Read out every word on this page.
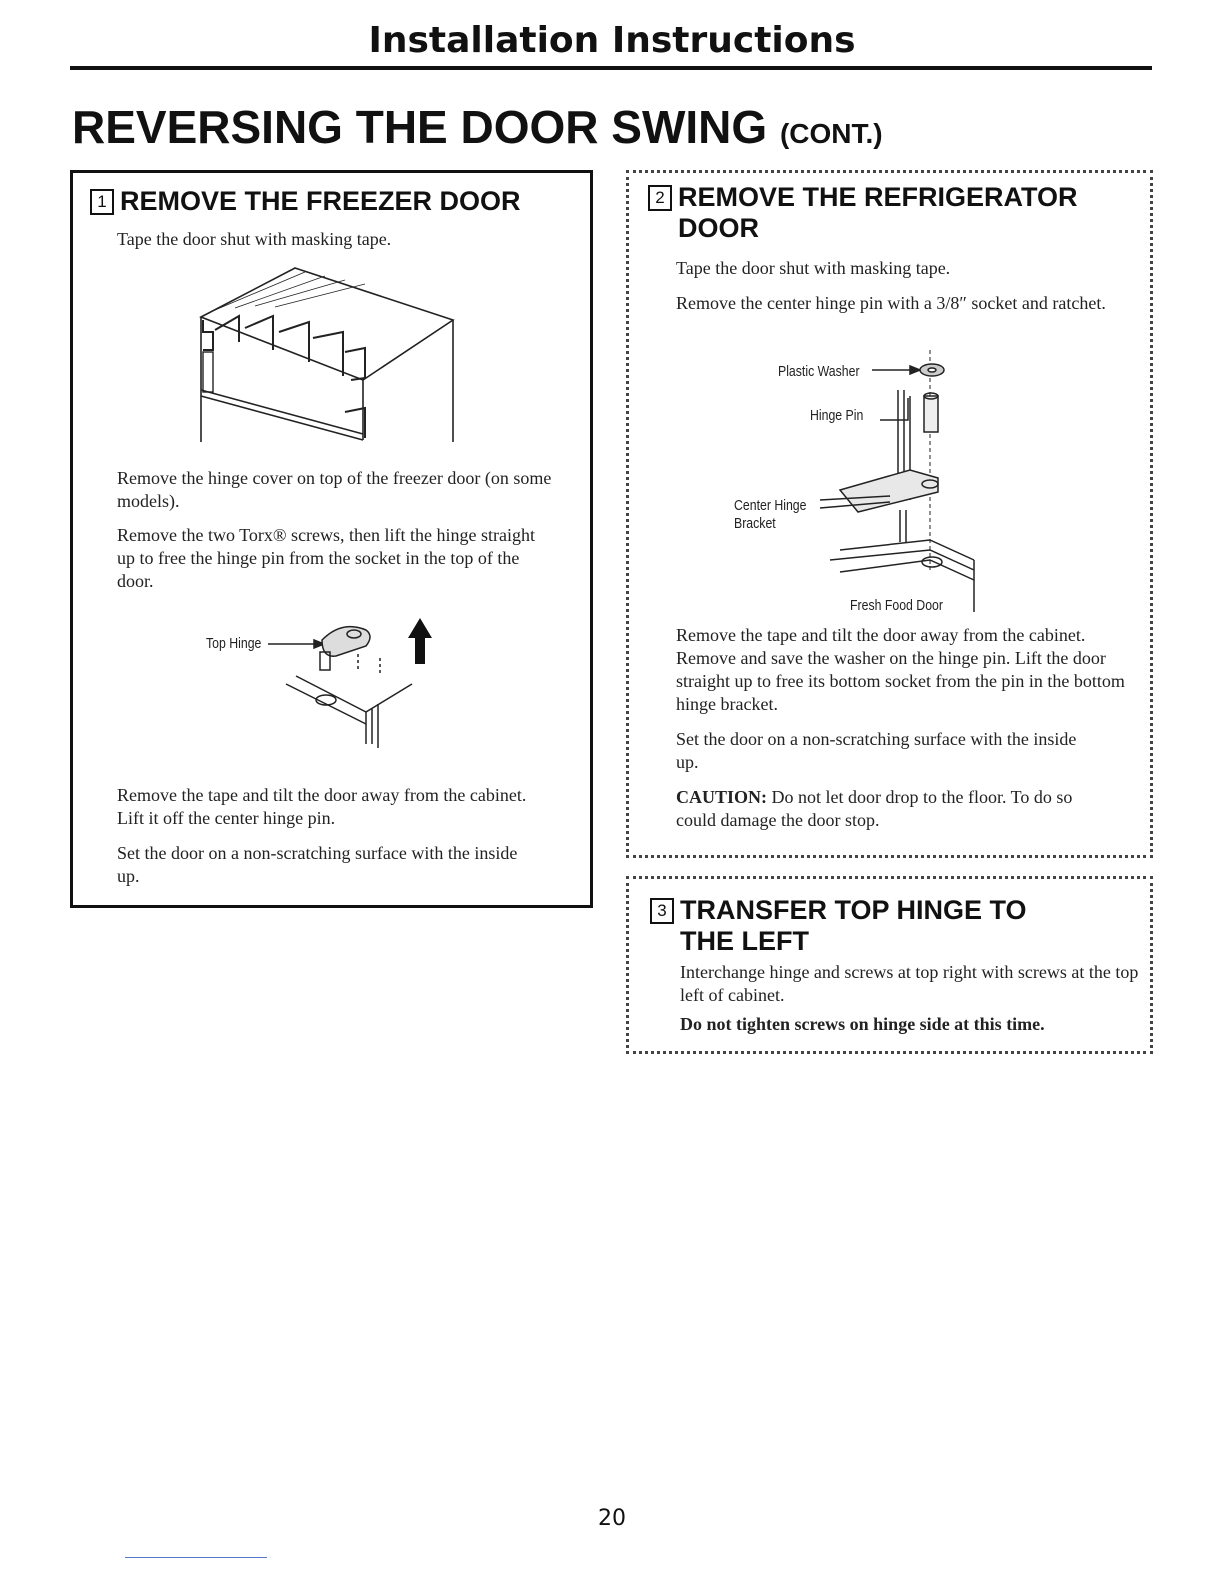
Installation Instructions
REVERSING THE DOOR SWING (CONT.)
1 REMOVE THE FREEZER DOOR
Tape the door shut with masking tape.
Remove the hinge cover on top of the freezer door (on some models).
Remove the two Torx® screws, then lift the hinge straight up to free the hinge pin from the socket in the top of the door.
Top Hinge
Remove the tape and tilt the door away from the cabinet. Lift it off the center hinge pin.
Set the door on a non-scratching surface with the inside up.
2 REMOVE THE REFRIGERATOR DOOR
Tape the door shut with masking tape.
Remove the center hinge pin with a 3/8″ socket and ratchet.
Plastic Washer
Hinge Pin
Center Hinge
Bracket
Fresh Food Door
Remove the tape and tilt the door away from the cabinet. Remove and save the washer on the hinge pin. Lift the door straight up to free its bottom socket from the pin in the bottom hinge bracket.
Set the door on a non-scratching surface with the inside up.
CAUTION: Do not let door drop to the floor. To do so could damage the door stop.
3 TRANSFER TOP HINGE TO THE LEFT
Interchange hinge and screws at top right with screws at the top left of cabinet.
Do not tighten screws on hinge side at this time.
20
